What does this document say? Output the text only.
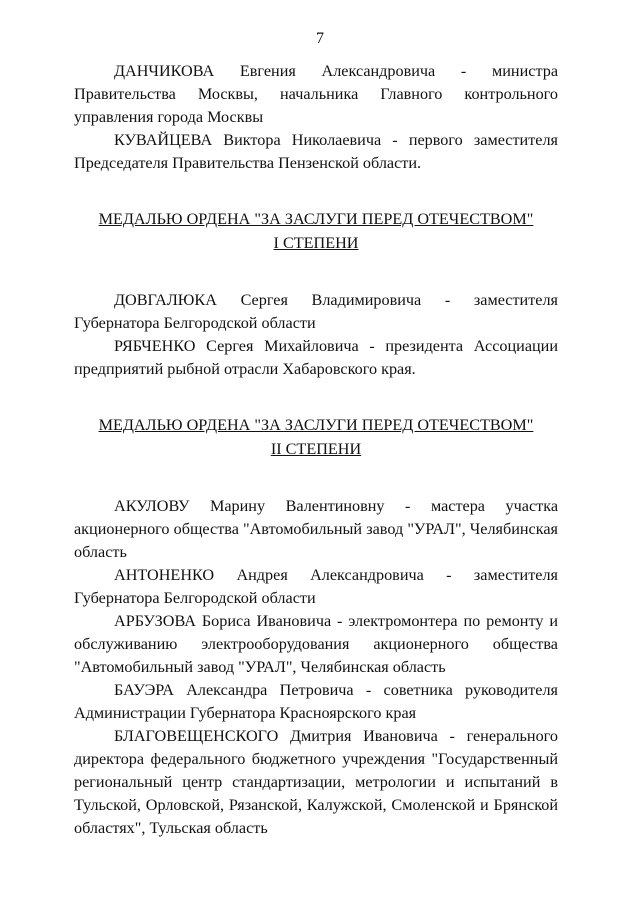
7

ДАНЧИКОВА Евгения Александровича - министра Правительства Москвы, начальника Главного контрольного управления города Москвы

КУВАЙЦЕВА Виктора Николаевича - первого заместителя Председателя Правительства Пензенской области.

МЕДАЛЬЮ ОРДЕНА "ЗА ЗАСЛУГИ ПЕРЕД ОТЕЧЕСТВОМ"
I СТЕПЕНИ

ДОВГАЛЮКА Сергея Владимировича - заместителя Губернатора Белгородской области

РЯБЧЕНКО Сергея Михайловича - президента Ассоциации предприятий рыбной отрасли Хабаровского края.

МЕДАЛЬЮ ОРДЕНА "ЗА ЗАСЛУГИ ПЕРЕД ОТЕЧЕСТВОМ"
II СТЕПЕНИ

АКУЛОВУ Марину Валентиновну - мастера участка акционерного общества "Автомобильный завод "УРАЛ", Челябинская область

АНТОНЕНКО Андрея Александровича - заместителя Губернатора Белгородской области

АРБУЗОВА Бориса Ивановича - электромонтера по ремонту и обслуживанию электрооборудования акционерного общества "Автомобильный завод "УРАЛ", Челябинская область

БАУЭРА Александра Петровича - советника руководителя Администрации Губернатора Красноярского края

БЛАГОВЕЩЕНСКОГО Дмитрия Ивановича - генерального директора федерального бюджетного учреждения "Государственный региональный центр стандартизации, метрологии и испытаний в Тульской, Орловской, Рязанской, Калужской, Смоленской и Брянской областях", Тульская область
